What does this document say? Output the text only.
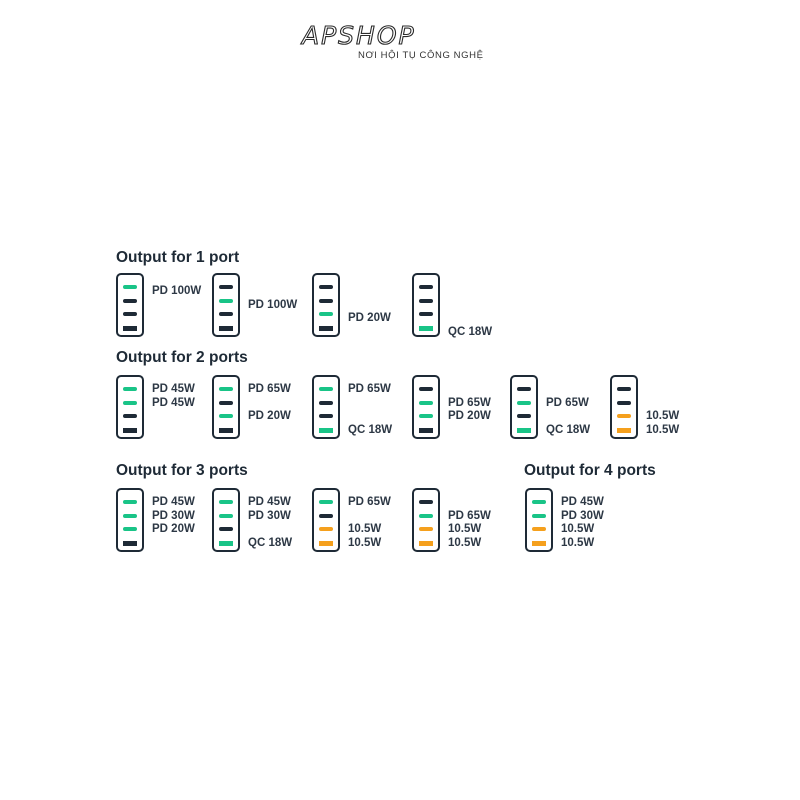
APSHOP
NƠI HỘI TỤ CÔNG NGHỆ
Output for 1 port
Output for 2 ports
Output for 3 ports	Output for 4 ports
PD 100W
PD 100W
PD 20W
QC 18W
PD 45W
PD 45W
PD 65W
PD 20W
PD 65W
QC 18W
PD 65W
PD 20W
PD 65W
QC 18W
10.5W
10.5W
PD 45W
PD 30W
PD 20W
PD 45W
PD 30W
QC 18W
PD 65W
10.5W
10.5W
PD 65W
10.5W
10.5W
PD 45W
PD 30W
10.5W
10.5W
